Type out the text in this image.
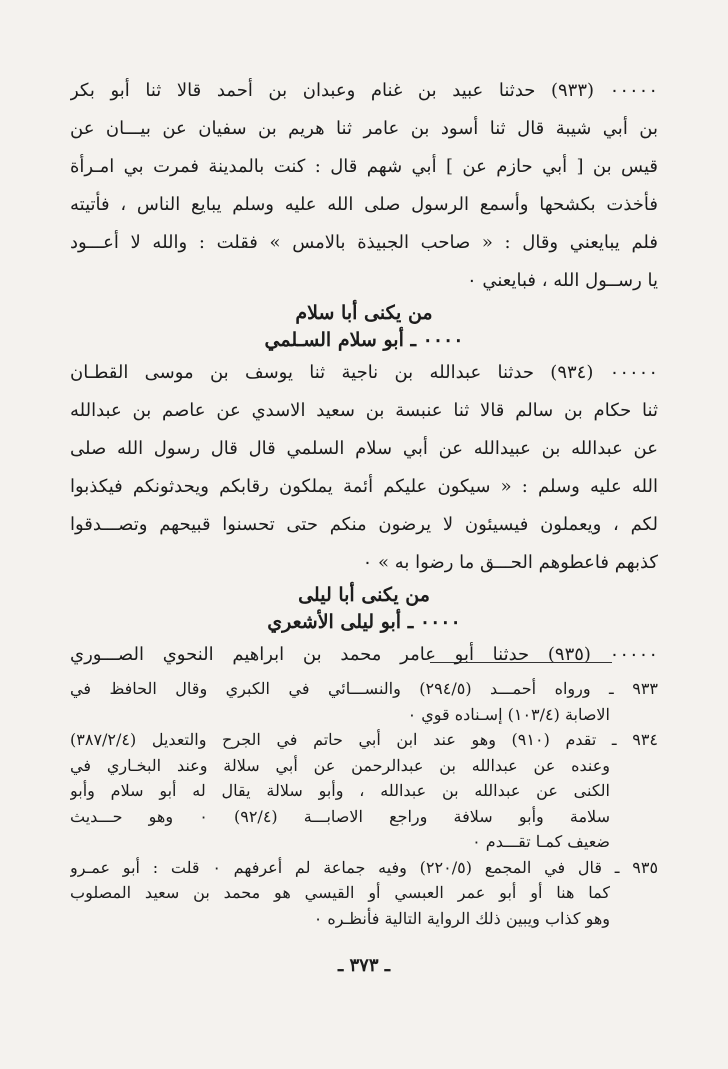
٠٠٠٠٠ (٩٣٣) حدثنا عبيد بن غنام وعبدان بن أحمد قالا ثنا أبو بكر
بن أبي شيبة قال ثنا أسود بن عامر ثنا هريم بن سفيان عن بيـــان عن
قيس بن [ أبي حازم عن ] أبي شهم قال : كنت بالمدينة فمرت بي امـرأة
فأخذت بكشحها وأسمع الرسول صلى الله عليه وسلم يبايع الناس ، فأتيته
فلم يبايعني وقال : « صاحب الجبيذة بالامس » فقلت : والله لا أعـــود
يا رســول الله ، فبايعني ٠
من يكنى أبا سلام
٠٠٠٠ ـ أبو سلام السـلمي
٠٠٠٠٠ (٩٣٤) حدثنا عبدالله بن ناجية ثنا يوسف بن موسى القطـان
ثنا حكام بن سالم قالا ثنا عنبسة بن سعيد الاسدي عن عاصم بن عبدالله
عن عبدالله بن عبيدالله عن أبي سلام السلمي قال قال رسول الله صلى
الله عليه وسلم : « سيكون عليكم أئمة يملكون رقابكم ويحدثونكم فيكذبوا
لكم ، ويعملون فيسيئون لا يرضون منكم حتى تحسنوا قبيحهم وتصـــدقوا
كذبهم فاعطوهم الحـــق ما رضوا به » ٠
من يكنى أبا ليلى
٠٠٠٠ ـ أبو ليلى الأشعري
٠٠٠٠٠ (٩٣٥) حدثنا أبو عامر محمد بن ابراهيم النحوي الصـــوري
٩٣٣ ـ ورواه أحمـــد (٢٩٤/٥) والنســـائي في الكبري وقال الحافظ في
الاصابة (١٠٣/٤) إسـناده قوي ٠
٩٣٤ ـ تقدم (٩١٠) وهو عند ابن أبي حاتم في الجرح والتعديل (٣٨٧/٢/٤)
وعنده عن عبدالله بن عبدالرحمن عن أبي سلالة وعند البخـاري في
الكنى عن عبدالله بن عبدالله ، وأبو سلالة يقال له أبو سلام وأبو
سلامة وأبو سلافة وراجع الاصابـــة (٩٢/٤) ٠ وهو حـــديث
ضعيف كمـا تقـــدم ٠
٩٣٥ ـ قال في المجمع (٢٢٠/٥) وفيه جماعة لم أعرفهم ٠ قلت : أبو عمـرو
كما هنا أو أبو عمر العبسي أو القيسي هو محمد بن سعيد المصلوب
وهو كذاب ويبين ذلك الرواية التالية فأنظـره ٠
ـ ٣٧٣ ـ
